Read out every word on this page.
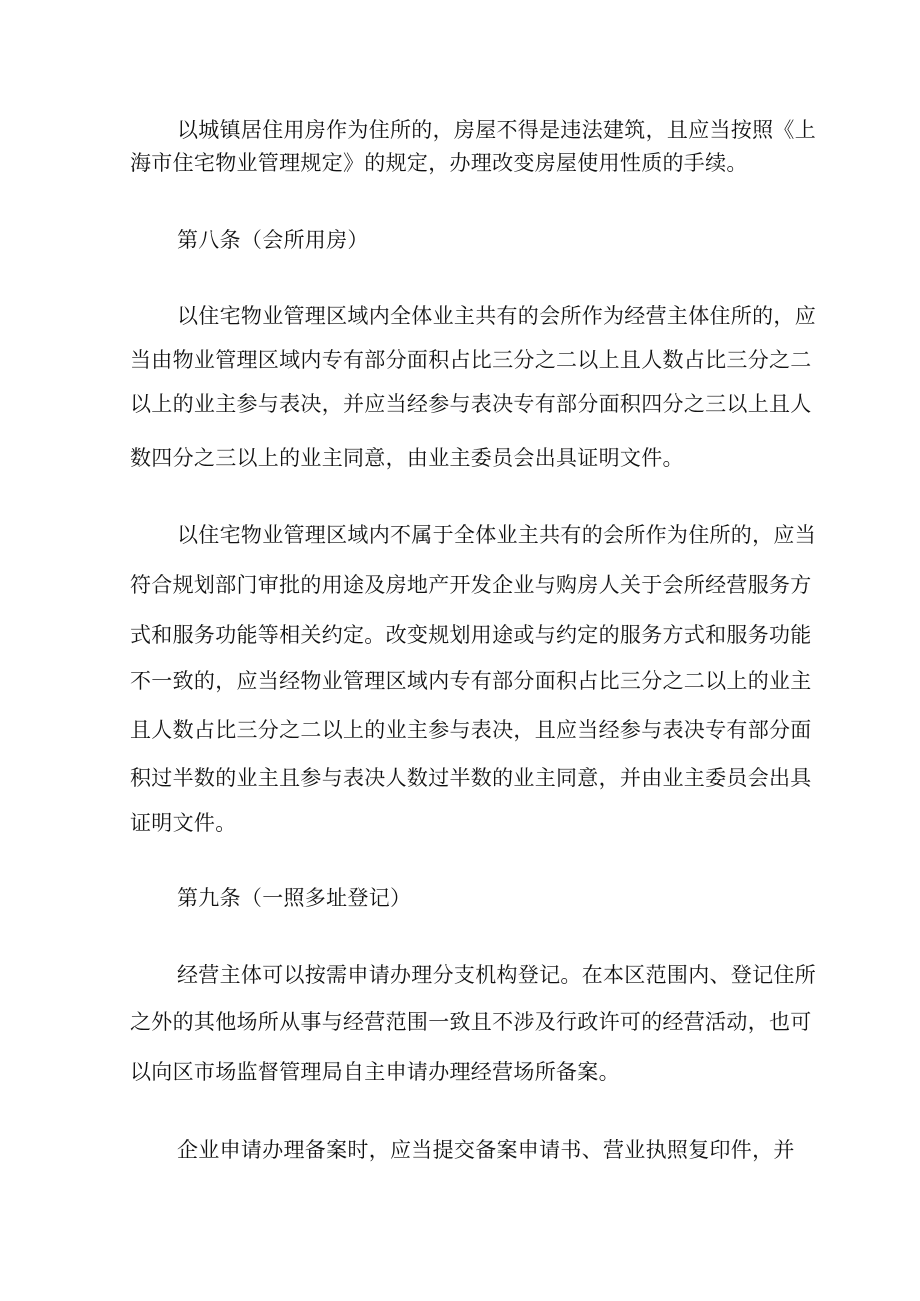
以城镇居住用房作为住所的，房屋不得是违法建筑，且应当按照《上
海市住宅物业管理规定》的规定，办理改变房屋使用性质的手续。
第八条（会所用房）
以住宅物业管理区域内全体业主共有的会所作为经营主体住所的，应
当由物业管理区域内专有部分面积占比三分之二以上且人数占比三分之二
以上的业主参与表决，并应当经参与表决专有部分面积四分之三以上且人
数四分之三以上的业主同意，由业主委员会出具证明文件。
以住宅物业管理区域内不属于全体业主共有的会所作为住所的，应当
符合规划部门审批的用途及房地产开发企业与购房人关于会所经营服务方
式和服务功能等相关约定。改变规划用途或与约定的服务方式和服务功能
不一致的，应当经物业管理区域内专有部分面积占比三分之二以上的业主
且人数占比三分之二以上的业主参与表决，且应当经参与表决专有部分面
积过半数的业主且参与表决人数过半数的业主同意，并由业主委员会出具
证明文件。
第九条（一照多址登记）
经营主体可以按需申请办理分支机构登记。在本区范围内、登记住所
之外的其他场所从事与经营范围一致且不涉及行政许可的经营活动，也可
以向区市场监督管理局自主申请办理经营场所备案。
企业申请办理备案时，应当提交备案申请书、营业执照复印件，并
